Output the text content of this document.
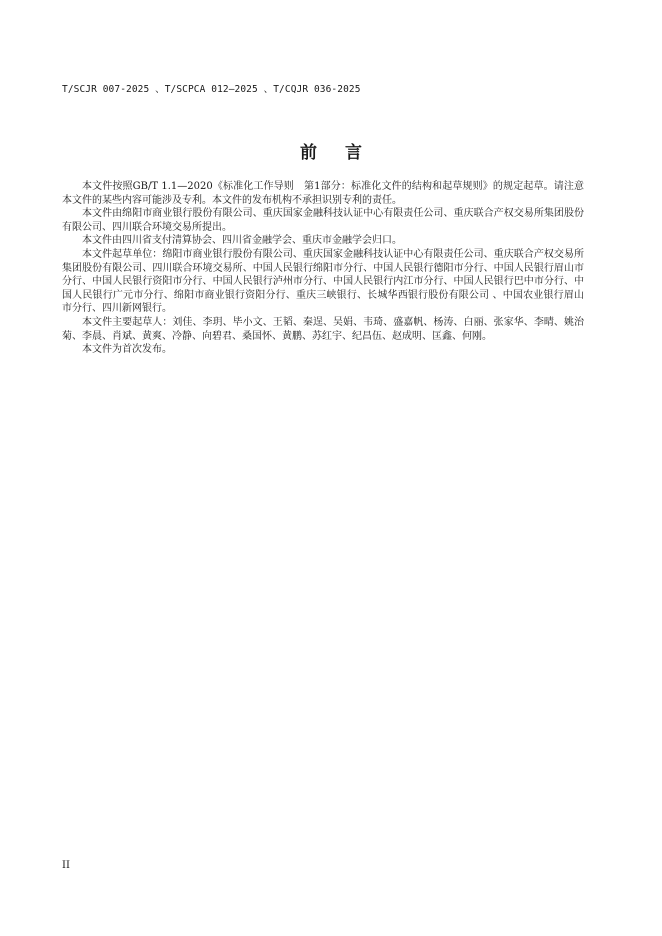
T/SCJR 007-2025 、T/SCPCA 012—2025 、T/CQJR 036-2025
前言

本文件按照GB/T 1.1—2020《标准化工作导则　第1部分：标准化文件的结构和起草规则》的规定起草。请注意本文件的某些内容可能涉及专利。本文件的发布机构不承担识别专利的责任。

本文件由绵阳市商业银行股份有限公司、重庆国家金融科技认证中心有限责任公司、重庆联合产权交易所集团股份有限公司、四川联合环境交易所提出。

本文件由四川省支付清算协会、四川省金融学会、重庆市金融学会归口。

本文件起草单位：绵阳市商业银行股份有限公司、重庆国家金融科技认证中心有限责任公司、重庆联合产权交易所集团股份有限公司、四川联合环境交易所、中国人民银行绵阳市分行、中国人民银行德阳市分行、中国人民银行眉山市分行、中国人民银行资阳市分行、中国人民银行泸州市分行、中国人民银行内江市分行、中国人民银行巴中市分行、中国人民银行广元市分行、绵阳市商业银行资阳分行、重庆三峡银行、长城华西银行股份有限公司 、中国农业银行眉山市分行、四川新网银行。

本文件主要起草人：刘佳、李玥、毕小文、王韬、秦逞、吴娟、韦琦、盛嘉帆、杨涛、白丽、张家华、李晴、姚治菊、李晨、肖斌、黄爽、冷静、向碧君、桑国怀、黄鹏、苏红宇、纪昌伍、赵成明、匡鑫、何刚。

本文件为首次发布。

II
